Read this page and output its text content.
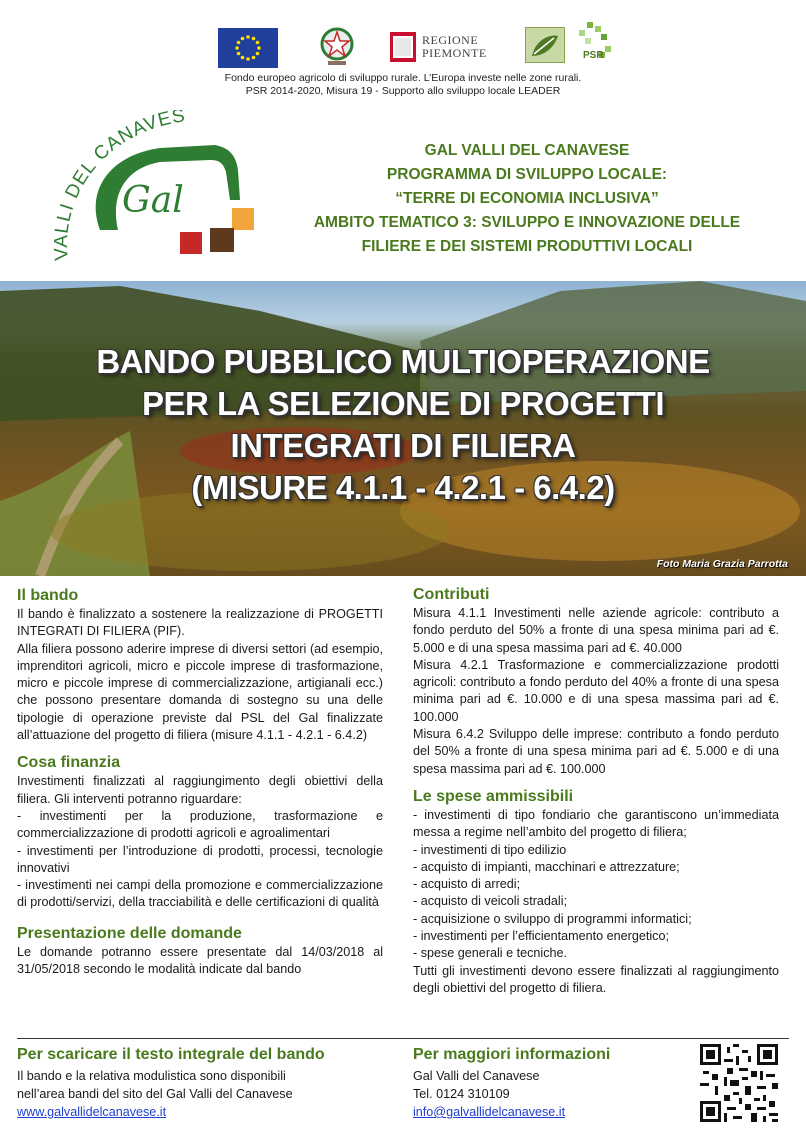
REGIONE
PIEMONTE	PSR
Fondo europeo agricolo di sviluppo rurale. L’Europa investe nelle zone rurali.
PSR 2014-2020, Misura 19 - Supporto allo sviluppo locale LEADER
VALLI DEL CANAVES
Gal
GAL VALLI DEL CANAVESE
PROGRAMMA DI SVILUPPO LOCALE:
“TERRE DI ECONOMIA INCLUSIVA”
AMBITO TEMATICO 3: SVILUPPO E INNOVAZIONE DELLE
FILIERE E DEI SISTEMI PRODUTTIVI LOCALI
BANDO PUBBLICO MULTIOPERAZIONE
PER LA SELEZIONE DI PROGETTI
INTEGRATI DI FILIERA
(MISURE 4.1.1 - 4.2.1 - 6.4.2)
Foto Maria Grazia Parrotta
Il bando

Il bando è finalizzato a sostenere la realizzazione di PROGETTI INTEGRATI DI FILIERA (PIF).

Alla filiera possono aderire imprese di diversi settori (ad esempio, imprenditori agricoli, micro e piccole imprese di trasformazione, micro e piccole imprese di commercializzazione, artigianali ecc.) che possono presentare domanda di sostegno su una delle tipologie di operazione previste dal PSL del Gal finalizzate all’attuazione del progetto di filiera (misure 4.1.1 - 4.2.1 - 6.4.2)

Cosa finanzia

Investimenti finalizzati al raggiungimento degli obiettivi della filiera. Gli interventi potranno riguardare:

- investimenti per la produzione, trasformazione e commercializzazione di prodotti agricoli e agroalimentari

- investimenti per l’introduzione di prodotti, processi, tecnologie innovativi

- investimenti nei campi della promozione e commercializzazione di prodotti/servizi, della tracciabilità e delle certificazioni di qualità

Presentazione delle domande

Le domande potranno essere presentate dal 14/03/2018 al 31/05/2018 secondo le modalità indicate dal bando

Contributi

Misura 4.1.1 Investimenti nelle aziende agricole: contributo a fondo perduto del 50% a fronte di una spesa minima pari ad €. 5.000 e di una spesa massima pari ad €. 40.000

Misura 4.2.1 Trasformazione e commercializzazione prodotti agricoli: contributo a fondo perduto del 40% a fronte di una spesa minima pari ad €. 10.000 e di una spesa massima pari ad €. 100.000

Misura 6.4.2 Sviluppo delle imprese: contributo a fondo perduto del 50% a fronte di una spesa minima pari ad €. 5.000 e di una spesa massima pari ad €. 100.000

Le spese ammissibili

- investimenti di tipo fondiario che garantiscono un’immediata messa a regime nell’ambito del progetto di filiera;

- investimenti di tipo edilizio

- acquisto di impianti, macchinari e attrezzature;

- acquisto di arredi;

- acquisto di veicoli stradali;

- acquisizione o sviluppo di programmi informatici;

- investimenti per l’efficientamento energetico;

- spese generali e tecniche.

Tutti gli investimenti devono essere finalizzati al raggiungimento degli obiettivi del progetto di filiera.

Per scaricare il testo integrale del bando
Il bando e la relativa modulistica sono disponibili
nell’area bandi del sito del Gal Valli del Canavese
www.galvallidelcanavese.it
Per maggiori informazioni
Gal Valli del Canavese
Tel. 0124 310109
info@galvallidelcanavese.it
